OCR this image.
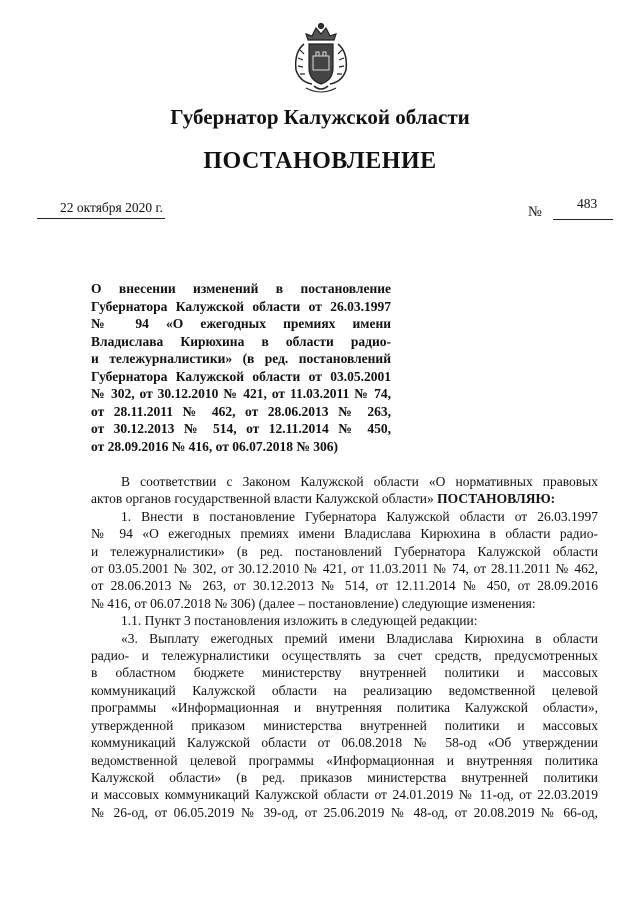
Губернатор Калужской области
ПОСТАНОВЛЕНИЕ
22 октября 2020 г.	№
483
О внесении изменений в постановление
Губернатора Калужской области от 26.03.1997
№ 94 «О ежегодных премиях имени
Владислава Кирюхина в области радио-
и тележурналистики» (в ред. постановлений
Губернатора Калужской области от 03.05.2001
№ 302, от 30.12.2010 № 421, от 11.03.2011 № 74,
от 28.11.2011 № 462, от 28.06.2013 № 263,
от 30.12.2013 № 514, от 12.11.2014 № 450,
от 28.09.2016 № 416, от 06.07.2018 № 306)
В соответствии с Законом Калужской области «О нормативных правовых
актов органов государственной власти Калужской области» ПОСТАНОВЛЯЮ:
1. Внести в постановление Губернатора Калужской области от 26.03.1997
№ 94 «О ежегодных премиях имени Владислава Кирюхина в области радио-
и тележурналистики» (в ред. постановлений Губернатора Калужской области
от 03.05.2001 № 302, от 30.12.2010 № 421, от 11.03.2011 № 74, от 28.11.2011 № 462,
от 28.06.2013 № 263, от 30.12.2013 № 514, от 12.11.2014 № 450, от 28.09.2016
№ 416, от 06.07.2018 № 306) (далее – постановление) следующие изменения:
1.1. Пункт 3 постановления изложить в следующей редакции:
«3. Выплату ежегодных премий имени Владислава Кирюхина в области
радио- и тележурналистики осуществлять за счет средств, предусмотренных
в областном бюджете министерству внутренней политики и массовых
коммуникаций Калужской области на реализацию ведомственной целевой
программы «Информационная и внутренняя политика Калужской области»,
утвержденной приказом министерства внутренней политики и массовых
коммуникаций Калужской области от 06.08.2018 № 58-од «Об утверждении
ведомственной целевой программы «Информационная и внутренняя политика
Калужской области» (в ред. приказов министерства внутренней политики
и массовых коммуникаций Калужской области от 24.01.2019 № 11-од, от 22.03.2019
№ 26-од, от 06.05.2019 № 39-од, от 25.06.2019 № 48-од, от 20.08.2019 № 66-од,
